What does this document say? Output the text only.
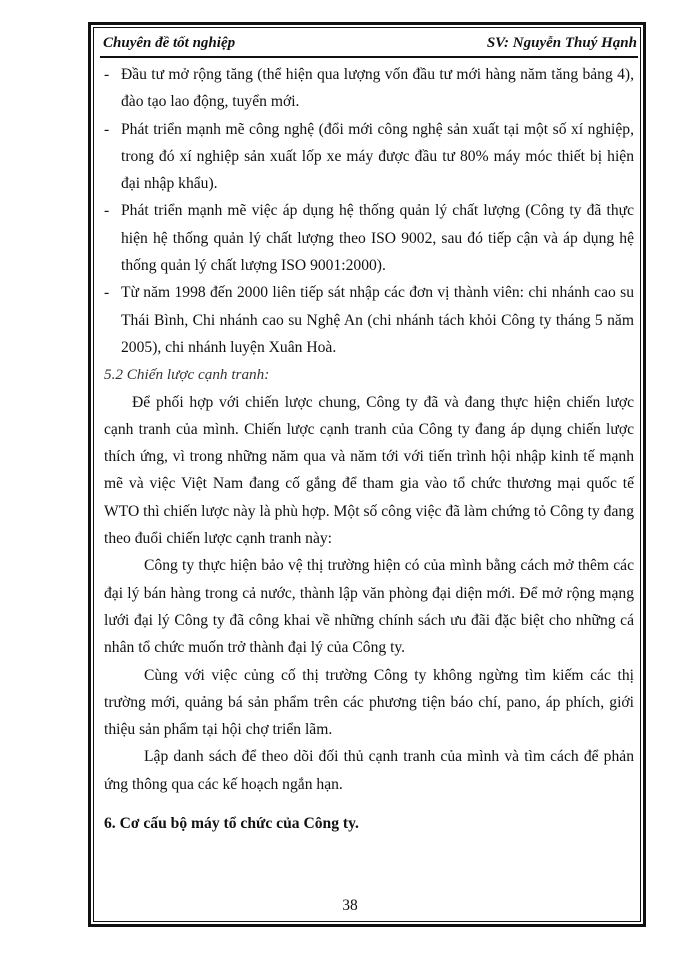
Chuyên đề tốt nghiệp	SV: Nguyễn Thuý Hạnh

- Đầu tư mở rộng tăng (thể hiện qua lượng vốn đầu tư mới hàng năm tăng bảng 4), đào tạo lao động, tuyển mới.

- Phát triển mạnh mẽ công nghệ (đổi mới công nghệ sản xuất tại một số xí nghiệp, trong đó xí nghiệp sản xuất lốp xe máy được đầu tư 80% máy móc thiết bị hiện đại nhập khẩu).

- Phát triển mạnh mẽ việc áp dụng hệ thống quản lý chất lượng (Công ty đã thực hiện hệ thống quản lý chất lượng theo ISO 9002, sau đó tiếp cận và áp dụng hệ thống quản lý chất lượng ISO 9001:2000).

- Từ năm 1998 đến 2000 liên tiếp sát nhập các đơn vị thành viên: chi nhánh cao su Thái Bình, Chi nhánh cao su Nghệ An (chi nhánh tách khỏi Công ty tháng 5 năm 2005), chi nhánh luyện Xuân Hoà.

5.2 Chiến lược cạnh tranh:

Để phối hợp với chiến lược chung, Công ty đã và đang thực hiện chiến lược cạnh tranh của mình. Chiến lược cạnh tranh của Công ty đang áp dụng chiến lược thích ứng, vì trong những năm qua và năm tới với tiến trình hội nhập kinh tế mạnh mẽ và việc Việt Nam đang cố gắng để tham gia vào tổ chức thương mại quốc tế WTO thì chiến lược này là phù hợp. Một số công việc đã làm chứng tỏ Công ty đang theo đuổi chiến lược cạnh tranh này:

Công ty thực hiện bảo vệ thị trường hiện có của mình bằng cách mở thêm các đại lý bán hàng trong cả nước, thành lập văn phòng đại diện mới. Để mở rộng mạng lưới đại lý Công ty đã công khai về những chính sách ưu đãi đặc biệt cho những cá nhân tổ chức muốn trở thành đại lý của Công ty.

Cùng với việc củng cố thị trường Công ty không ngừng tìm kiếm các thị trường mới, quảng bá sản phẩm trên các phương tiện báo chí, pano, áp phích, giới thiệu sản phẩm tại hội chợ triển lãm.

Lập danh sách để theo dõi đối thủ cạnh tranh của mình và tìm cách để phản ứng thông qua các kế hoạch ngắn hạn.

6. Cơ cấu bộ máy tổ chức của Công ty.
38
